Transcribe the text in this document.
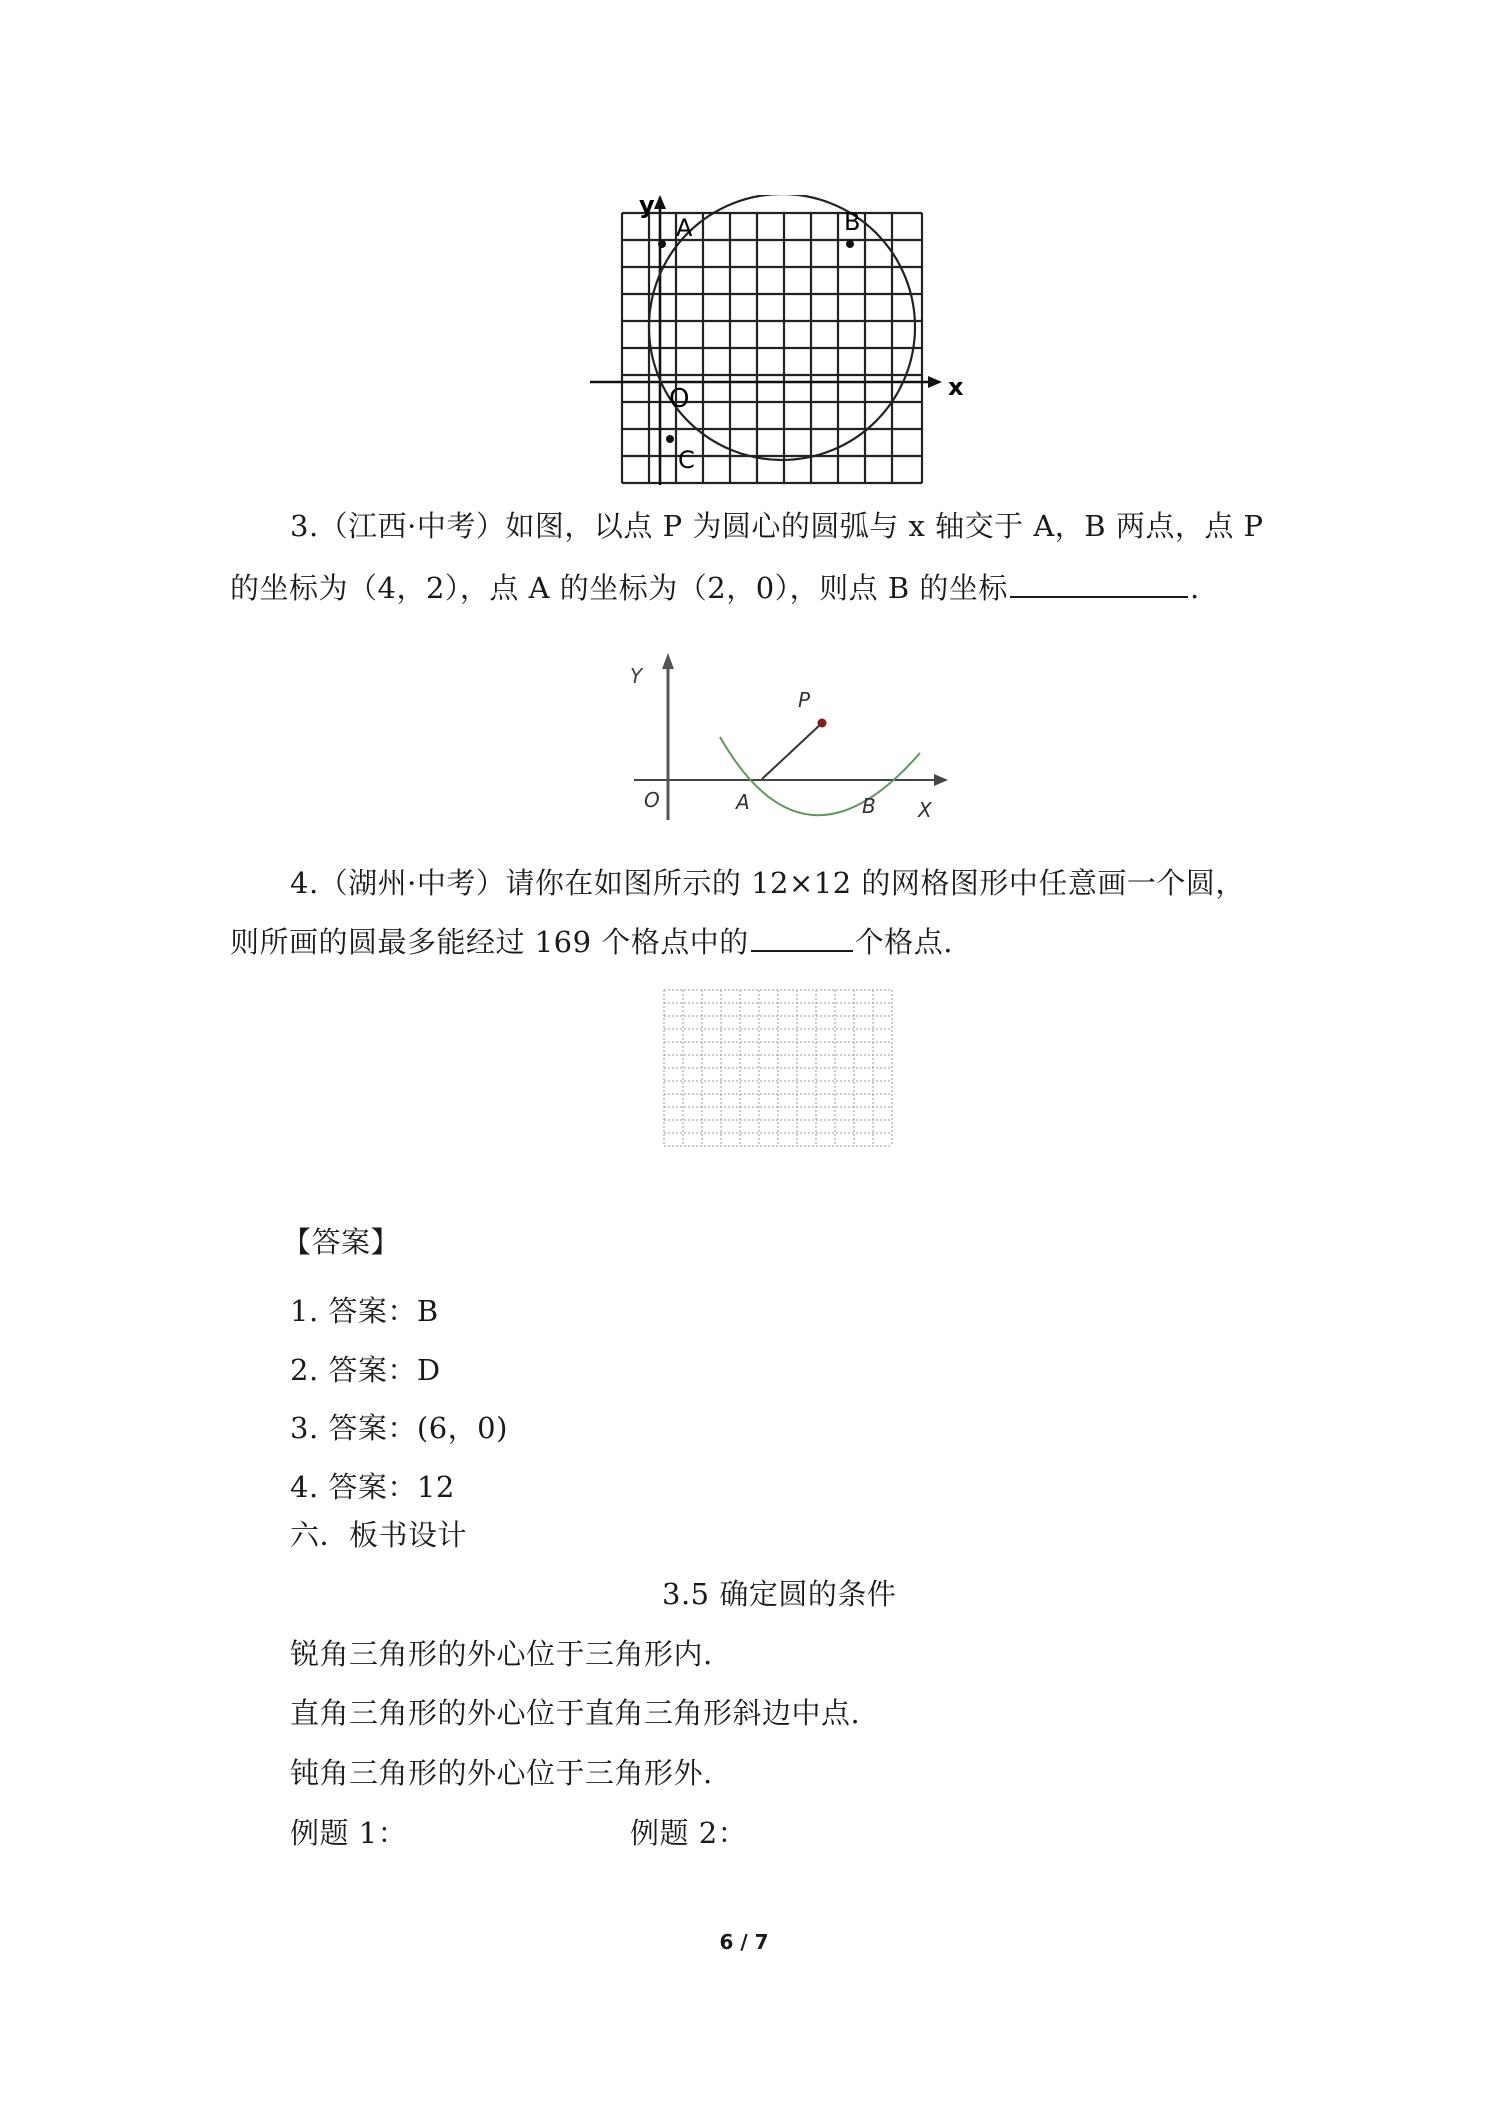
y
x
A	B
O
C
3.（江西·中考）如图，以点 P 为圆心的圆弧与 x 轴交于 A，B 两点，点 P
的坐标为（4，2），点 A 的坐标为（2，0），则点 B 的坐标	.
Y
O	A	B X
P
4.（湖州·中考）请你在如图所示的 12×12 的网格图形中任意画一个圆，
则所画的圆最多能经过 169 个格点中的	个格点.
【答案】
1. 答案：B
2. 答案：D
3. 答案：(6，0)
4. 答案：12
六．板书设计
3.5 确定圆的条件
锐角三角形的外心位于三角形内.
直角三角形的外心位于直角三角形斜边中点.
钝角三角形的外心位于三角形外.
例题 1：	例题 2：
6 / 7
